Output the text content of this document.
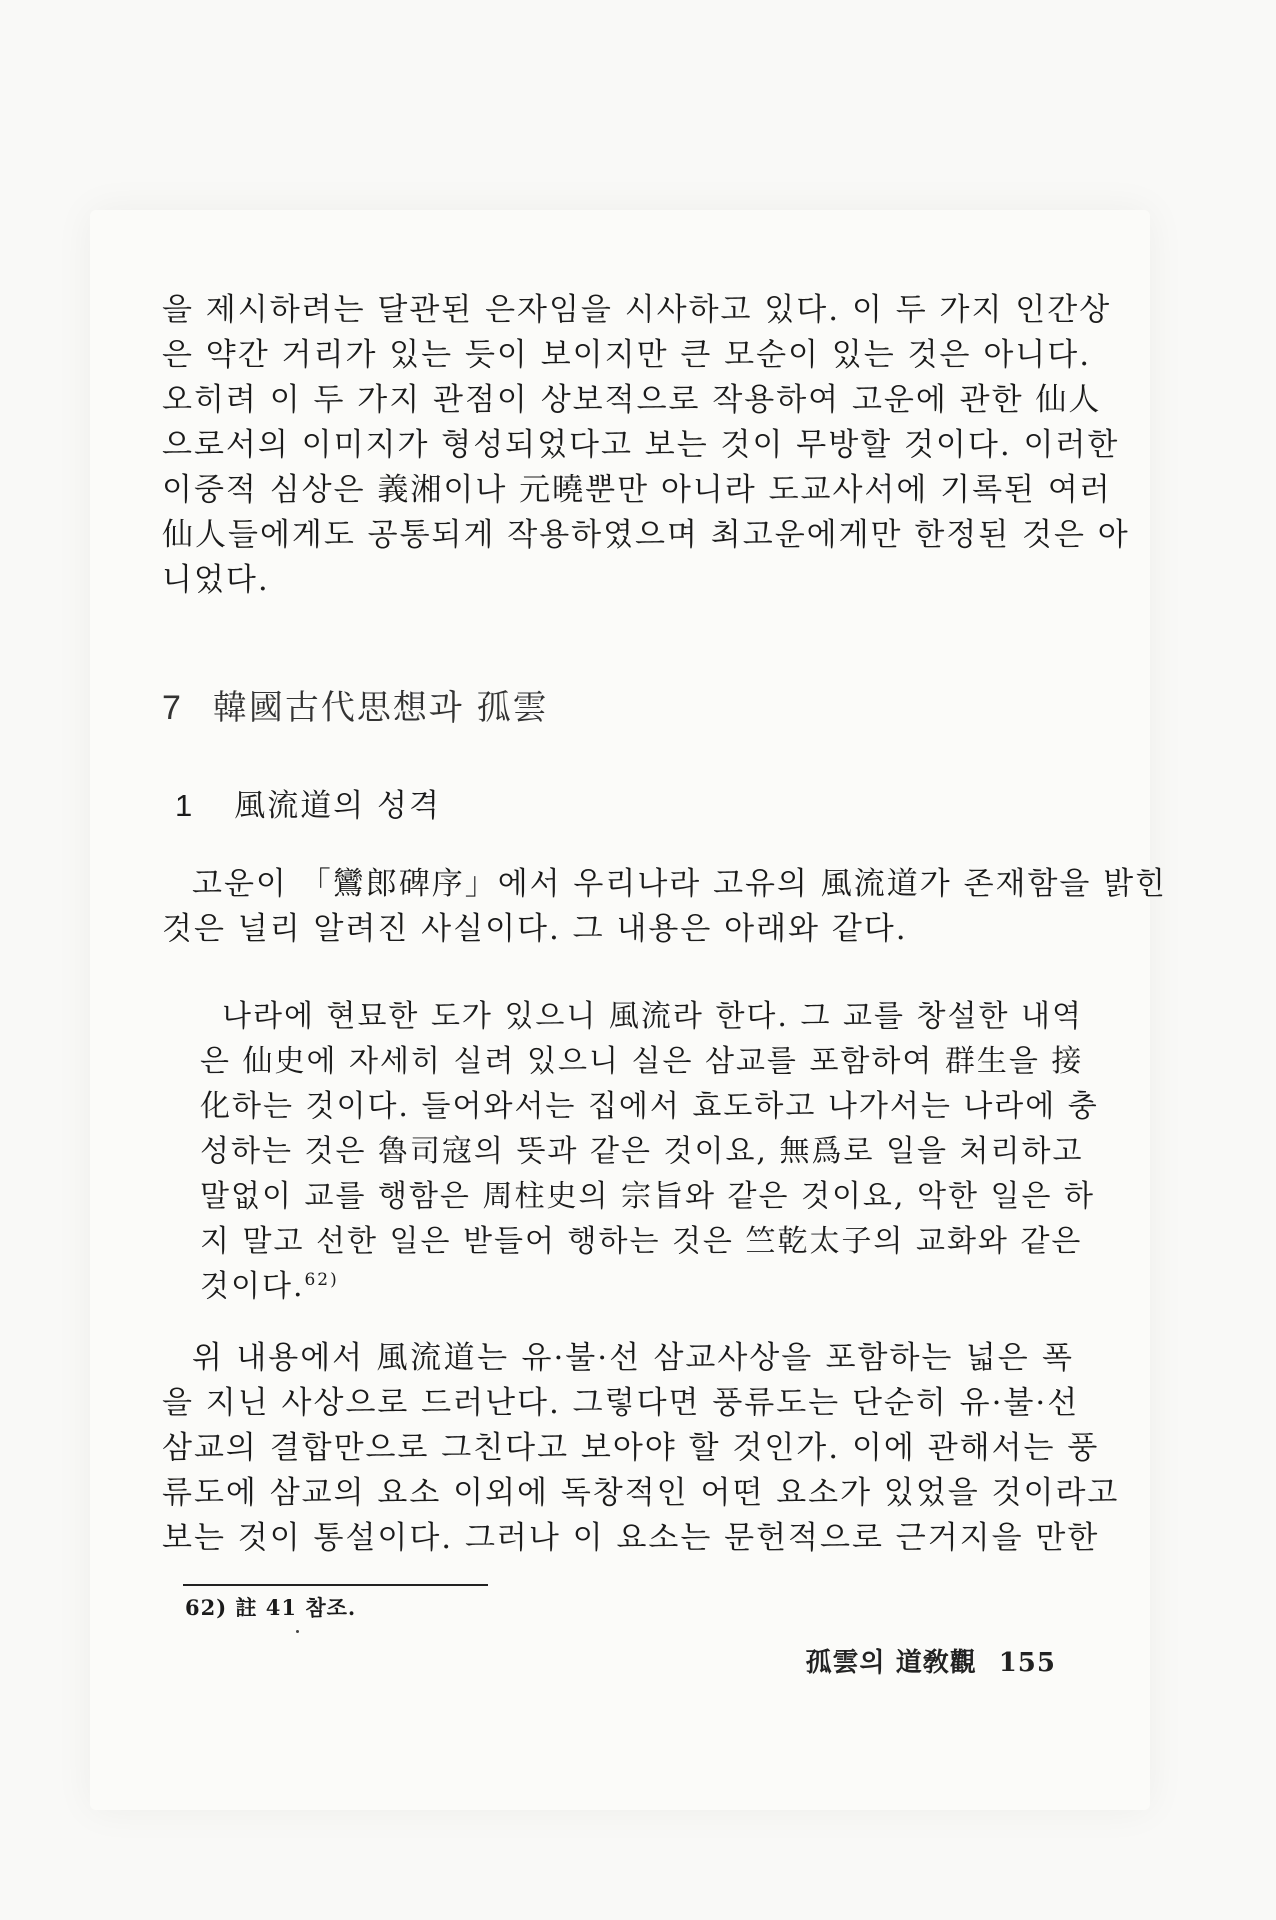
을 제시하려는 달관된 은자임을 시사하고 있다. 이 두 가지 인간상

은 약간 거리가 있는 듯이 보이지만 큰 모순이 있는 것은 아니다.

오히려 이 두 가지 관점이 상보적으로 작용하여 고운에 관한 仙人

으로서의 이미지가 형성되었다고 보는 것이 무방할 것이다. 이러한

이중적 심상은 義湘이나 元曉뿐만 아니라 도교사서에 기록된 여러

仙人들에게도 공통되게 작용하였으며 최고운에게만 한정된 것은 아

니었다.

7 韓國古代思想과 孤雲
1 風流道의 성격

고운이 「鸞郎碑序」에서 우리나라 고유의 風流道가 존재함을 밝힌

것은 널리 알려진 사실이다. 그 내용은 아래와 같다.

나라에 현묘한 도가 있으니 風流라 한다. 그 교를 창설한 내역

은 仙史에 자세히 실려 있으니 실은 삼교를 포함하여 群生을 接

化하는 것이다. 들어와서는 집에서 효도하고 나가서는 나라에 충

성하는 것은 魯司寇의 뜻과 같은 것이요, 無爲로 일을 처리하고

말없이 교를 행함은 周柱史의 宗旨와 같은 것이요, 악한 일은 하

지 말고 선한 일은 받들어 행하는 것은 竺乾太子의 교화와 같은

것이다.$^{62)}$

위 내용에서 風流道는 유·불·선 삼교사상을 포함하는 넓은 폭

을 지닌 사상으로 드러난다. 그렇다면 풍류도는 단순히 유·불·선

삼교의 결합만으로 그친다고 보아야 할 것인가. 이에 관해서는 풍

류도에 삼교의 요소 이외에 독창적인 어떤 요소가 있었을 것이라고

보는 것이 통설이다. 그러나 이 요소는 문헌적으로 근거지을 만한

62) 註 41 참조.
孤雲의 道敎觀 155
